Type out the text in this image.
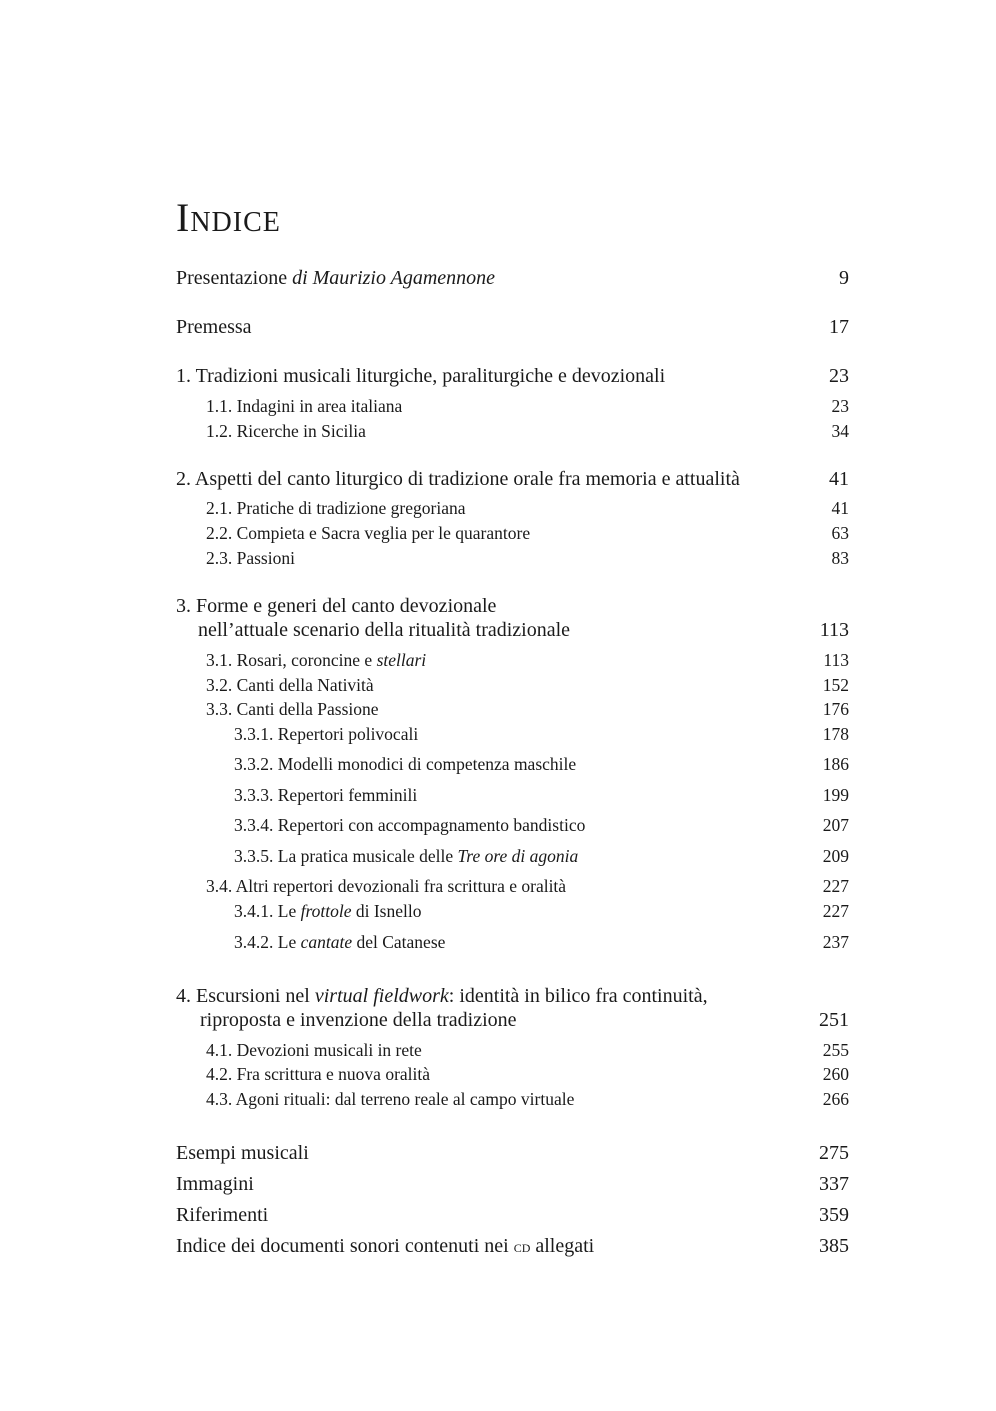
Indice
Presentazione di Maurizio Agamennone	9
Premessa	17
1. Tradizioni musicali liturgiche, paraliturgiche e devozionali	23
1.1. Indagini in area italiana	23
1.2. Ricerche in Sicilia	34
2. Aspetti del canto liturgico di tradizione orale fra memoria e attualità	41
2.1. Pratiche di tradizione gregoriana	41
2.2. Compieta e Sacra veglia per le quarantore	63
2.3. Passioni	83
3. Forme e generi del canto devozionale
nell’attuale scenario della ritualità tradizionale	113
3.1. Rosari, coroncine e stellari	113
3.2. Canti della Natività	152
3.3. Canti della Passione	176
3.3.1. Repertori polivocali	178
3.3.2. Modelli monodici di competenza maschile	186
3.3.3. Repertori femminili	199
3.3.4. Repertori con accompagnamento bandistico	207
3.3.5. La pratica musicale delle Tre ore di agonia	209
3.4. Altri repertori devozionali fra scrittura e oralità	227
3.4.1. Le frottole di Isnello	227
3.4.2. Le cantate del Catanese	237
4. Escursioni nel virtual fieldwork: identità in bilico fra continuità,
riproposta e invenzione della tradizione	251
4.1. Devozioni musicali in rete	255
4.2. Fra scrittura e nuova oralità	260
4.3. Agoni rituali: dal terreno reale al campo virtuale	266
Esempi musicali	275
Immagini	337
Riferimenti	359
Indice dei documenti sonori contenuti nei cd allegati	385
